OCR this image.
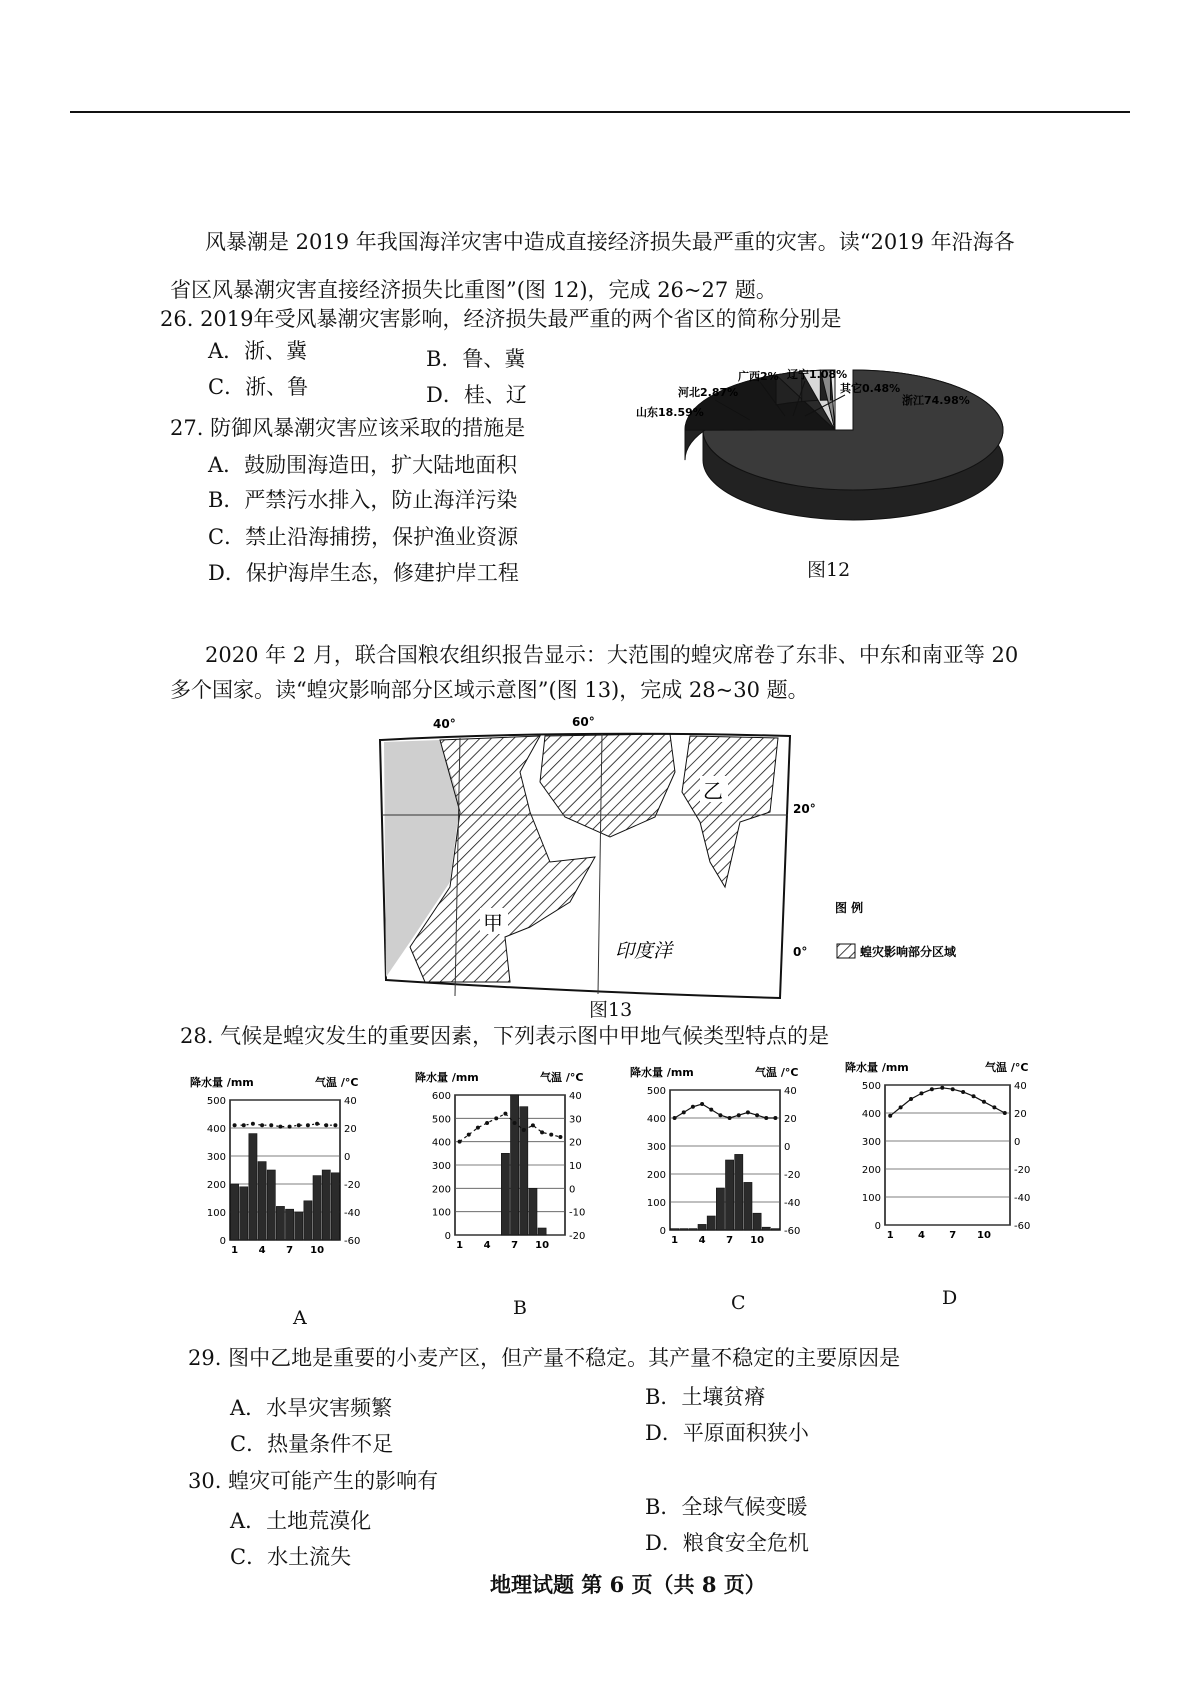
风暴潮是 2019 年我国海洋灾害中造成直接经济损失最严重的灾害。读“2019 年沿海各
省区风暴潮灾害直接经济损失比重图”(图 12)，完成 26~27 题。
26. 2019年受风暴潮灾害影响，经济损失最严重的两个省区的简称分别是
A．浙、冀	B．鲁、冀
C．浙、鲁	D．桂、辽
27. 防御风暴潮灾害应该采取的措施是
A．鼓励围海造田，扩大陆地面积
B．严禁污水排入，防止海洋污染
C．禁止沿海捕捞，保护渔业资源
D．保护海岸生态，修建护岸工程
山东18.59%
河北2.87%
广西2% 辽宁1.08%
其它0.48%
浙江74.98%
图12
2020 年 2 月，联合国粮农组织报告显示：大范围的蝗灾席卷了东非、中东和南亚等 20
多个国家。读“蝗灾影响部分区域示意图”(图 13)，完成 28~30 题。
40°	60°
20°
0°
甲
乙
印度洋
图 例
蝗灾影响部分区域
图13
28. 气候是蝗灾发生的重要因素，下列表示图中甲地气候类型特点的是
降水量 /mm	气温 /°C
0
100
200
300
400
500
-60
-40
-20
0
20
40
1 4 7 10
降水量 /mm	气温 /°C
0
100
200
300
400
500
600
-20
-10
0
10
20
30
40
1 4 7 10
降水量 /mm	气温 /°C
0
100
200
300
400
500
-60
-40
-20
0
20
40
1 4 7 10
降水量 /mm	气温 /°C
0
100
200
300
400
500
-60
-40
-20
0
20
40
1 4 7 10
A	B	C	D
29. 图中乙地是重要的小麦产区，但产量不稳定。其产量不稳定的主要原因是
A．水旱灾害频繁	B．土壤贫瘠
C．热量条件不足	D．平原面积狭小
30. 蝗灾可能产生的影响有
A．土地荒漠化
B．全球气候变暖
C．水土流失
D．粮食安全危机
地理试题 第 6 页（共 8 页）
